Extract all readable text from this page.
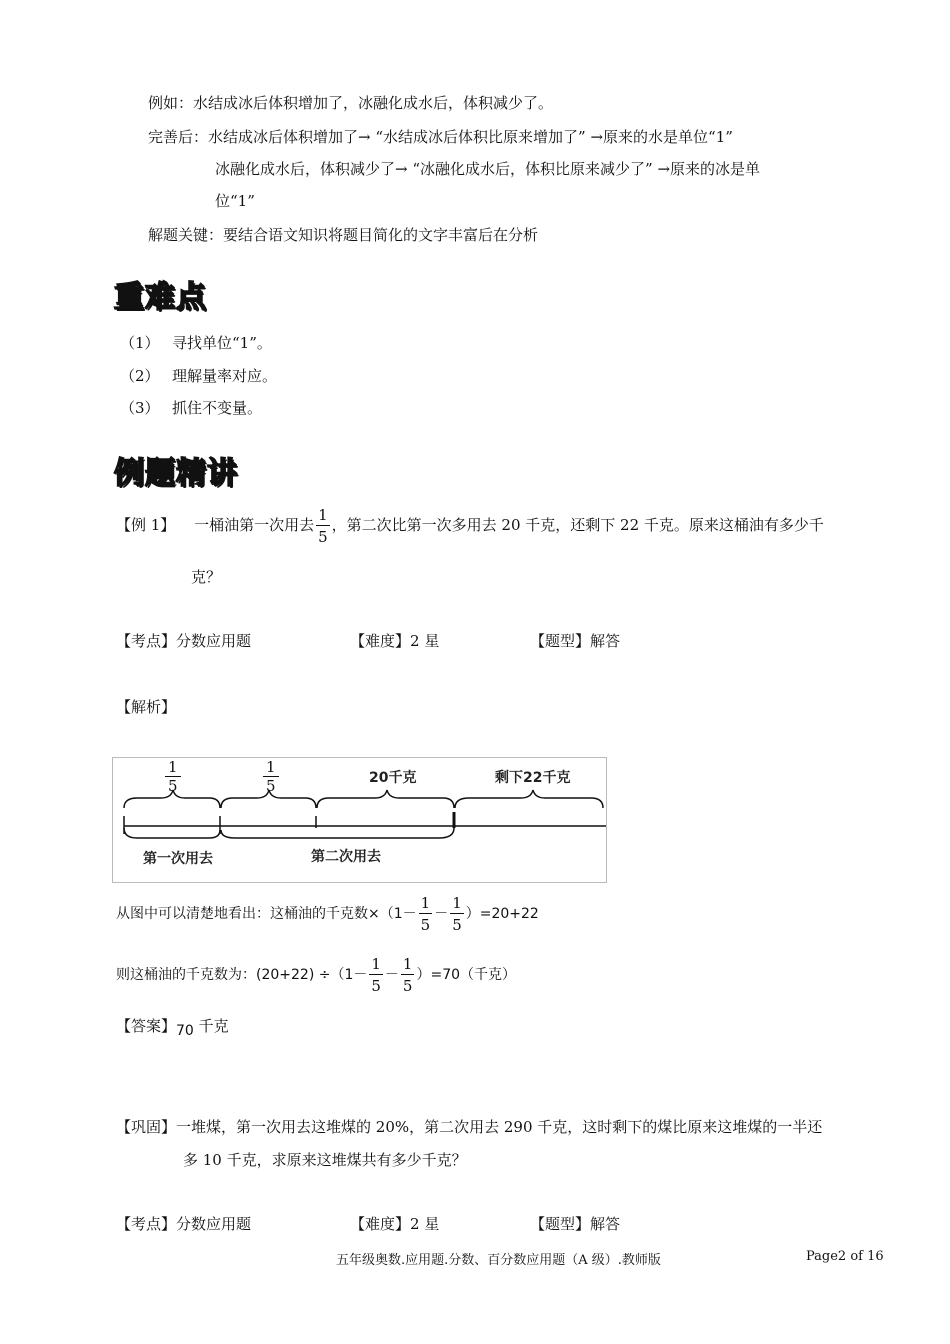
例如：水结成冰后体积增加了，冰融化成水后，体积减少了。
完善后：水结成冰后体积增加了→ “水结成冰后体积比原来增加了” →原来的水是单位“1”
冰融化成水后，体积减少了→ “冰融化成水后，体积比原来减少了” →原来的冰是单
位“1”
解题关键：要结合语文知识将题目简化的文字丰富后在分析
重难点
（1） 寻找单位“1”。
（2） 理解量率对应。
（3） 抓住不变量。
例题精讲
【例 1】 一桶油第一次用去 $\frac{1}{5}$ ，第二次比第一次多用去 20 千克，还剩下 22 千克。原来这桶油有多少千
克？
【考点】分数应用题	【难度】2 星	【题型】解答
【解析】
$\frac{1}{5}$	$\frac{1}{5}$	20千克	剩下22千克
第一次用去	第二次用去
从图中可以清楚地看出：这桶油的千克数$\times(1- \frac{1}{5} - \frac{1}{5} )=20+22$
则这桶油的千克数为：$(20+22) \div(1- \frac{1}{5} - \frac{1}{5} )=70$（千克）
【答案】70 千克
【巩固】一堆煤，第一次用去这堆煤的 20%，第二次用去 290 千克，这时剩下的煤比原来这堆煤的一半还
多 10 千克，求原来这堆煤共有多少千克？
【考点】分数应用题	【难度】2 星	【题型】解答
五年级奥数.应用题.分数、百分数应用题（A 级）.教师版	Page2 of 16
